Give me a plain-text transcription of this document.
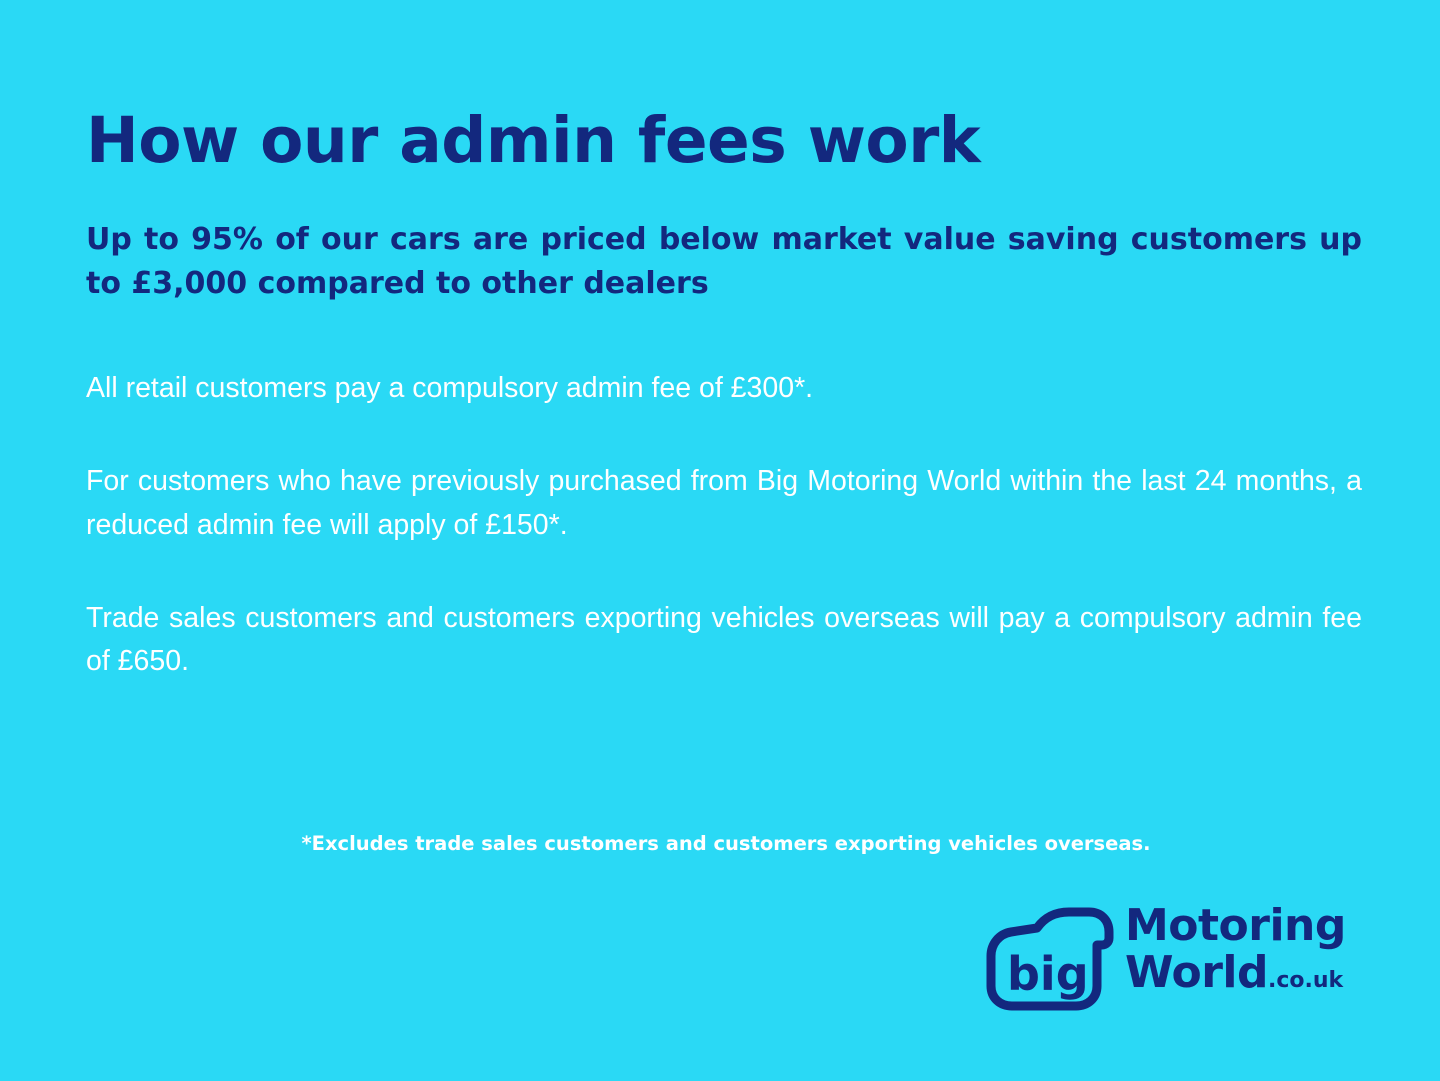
How our admin fees work

Up to 95% of our cars are priced below market value saving customers up to £3,000 compared to other dealers

All retail customers pay a compulsory admin fee of £300*.

For customers who have previously purchased from Big Motoring World within the last 24 months, a reduced admin fee will apply of £150*.

Trade sales customers and customers exporting vehicles overseas will pay a compulsory admin fee of £650.

*Excludes trade sales customers and customers exporting vehicles overseas.
big
Motoring
World.co.uk
